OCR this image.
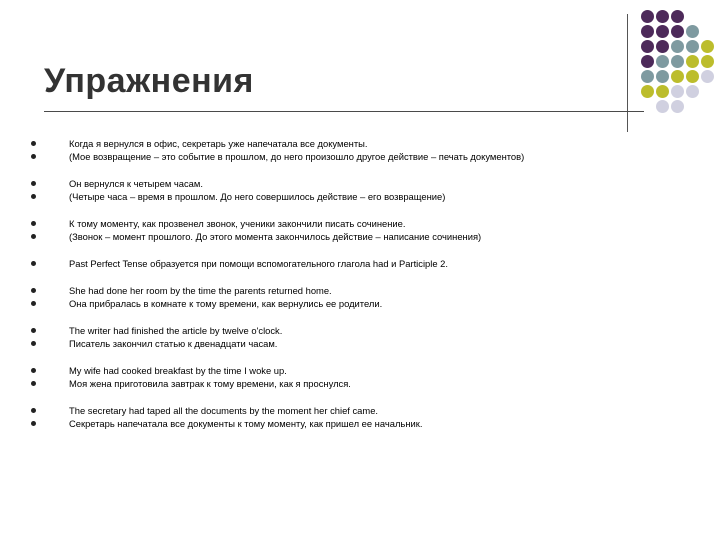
Упражнения
Когда я вернулся в офис, секретарь уже напечатала все документы.
(Мое возвращение – это событие в прошлом, до него произошло другое действие – печать документов)
Он вернулся к четырем часам.
(Четыре часа – время в прошлом. До него совершилось действие – его возвращение)
К тому моменту, как прозвенел звонок, ученики закончили писать сочинение.
(Звонок – момент прошлого. До этого момента закончилось действие – написание сочинения)
Past Perfect Tense образуется при помощи вспомогательного глагола had и Participle 2.
She had done her room by the time the parents returned home.
Она прибралась в комнате к тому времени, как вернулись ее родители.
The writer had finished the article by twelve o'clock.
Писатель закончил статью к двенадцати часам.
My wife had cooked breakfast by the time I woke up.
Моя жена приготовила завтрак к тому времени, как я проснулся.
The secretary had taped all the documents by the moment her chief came.
Секретарь напечатала все документы к тому моменту, как пришел ее начальник.
